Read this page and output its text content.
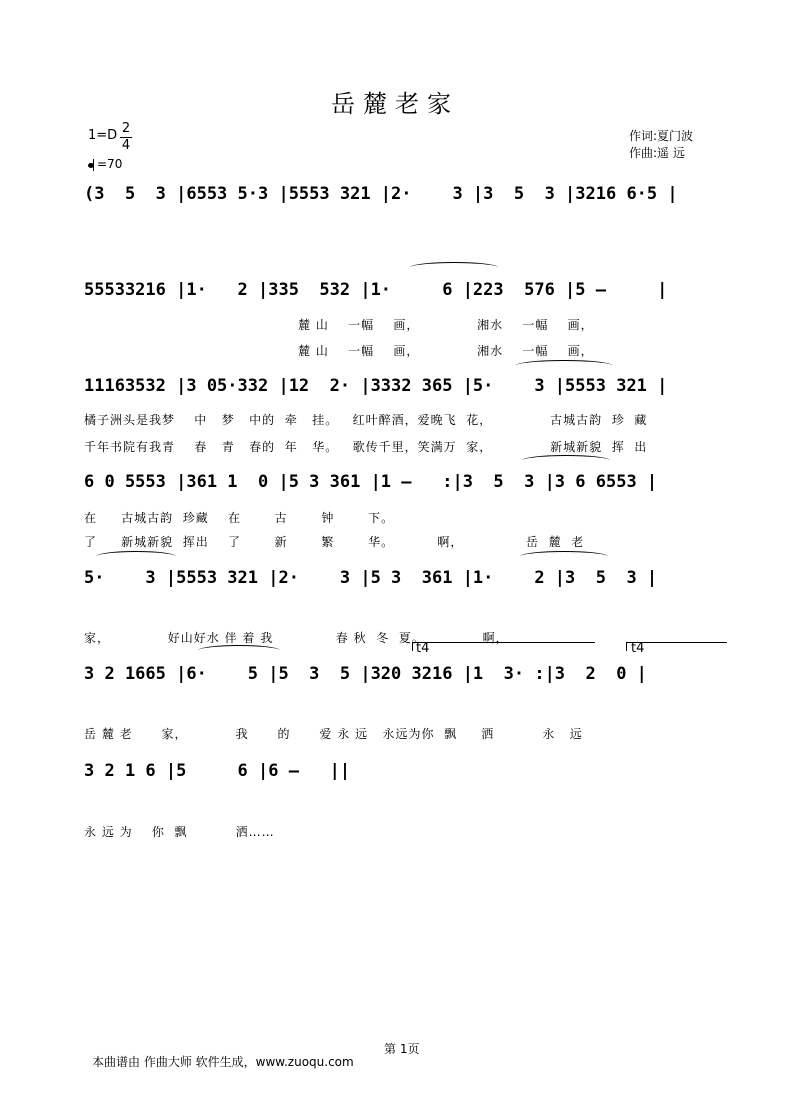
岳麓老家
$1=D \frac{2}{4}$
=70
作词:夏门波
作曲:遥 远
(3  5  3 |6553 5·3 |5553 321 |2·    3 |3  5  3 |3216 6·5 |
55533216 |1·   2 |335  532 |1·     6 |223  576 |5 —     |
麓 山    一幅    画，            湘水    一幅    画，
麓 山    一幅    画，            湘水    一幅    画，
11163532 |3 05·332 |12  2· |3332 365 |5·    3 |5553 321 |
橘子洲头是我梦    中   梦   中的  牵   挂。   红叶醉酒，爱晚飞  花，            古城古韵  珍  藏
千年书院有我青    春   青   春的  年   华。   歌传千里，笑满万  家，            新城新貌  挥  出
6 0 5553 |361 1  0 |5 3 361 |1 —   :|3  5  3 |3 6 6553 |
在     古城古韵  珍藏    在       古       钟       下。
了     新城新貌  挥出    了       新       繁       华。         啊，             岳  麓  老
5·    3 |5553 321 |2·    3 |5 3  361 |1·    2 |3  5  3 |
家，            好山好水 伴 着 我             春 秋  冬  夏。            啊，
t4	t4
3 2 1665 |6·    5 |5  3  5 |320 3216 |1  3· :|3  2  0 |
岳 麓 老      家，          我      的      爱 永 远   永远为你  飘     洒          永   远
3 2 1 6 |5     6 |6 —   ||
永 远 为    你  飘          洒……
第 1页
本曲谱由 作曲大师 软件生成，www.zuoqu.com
